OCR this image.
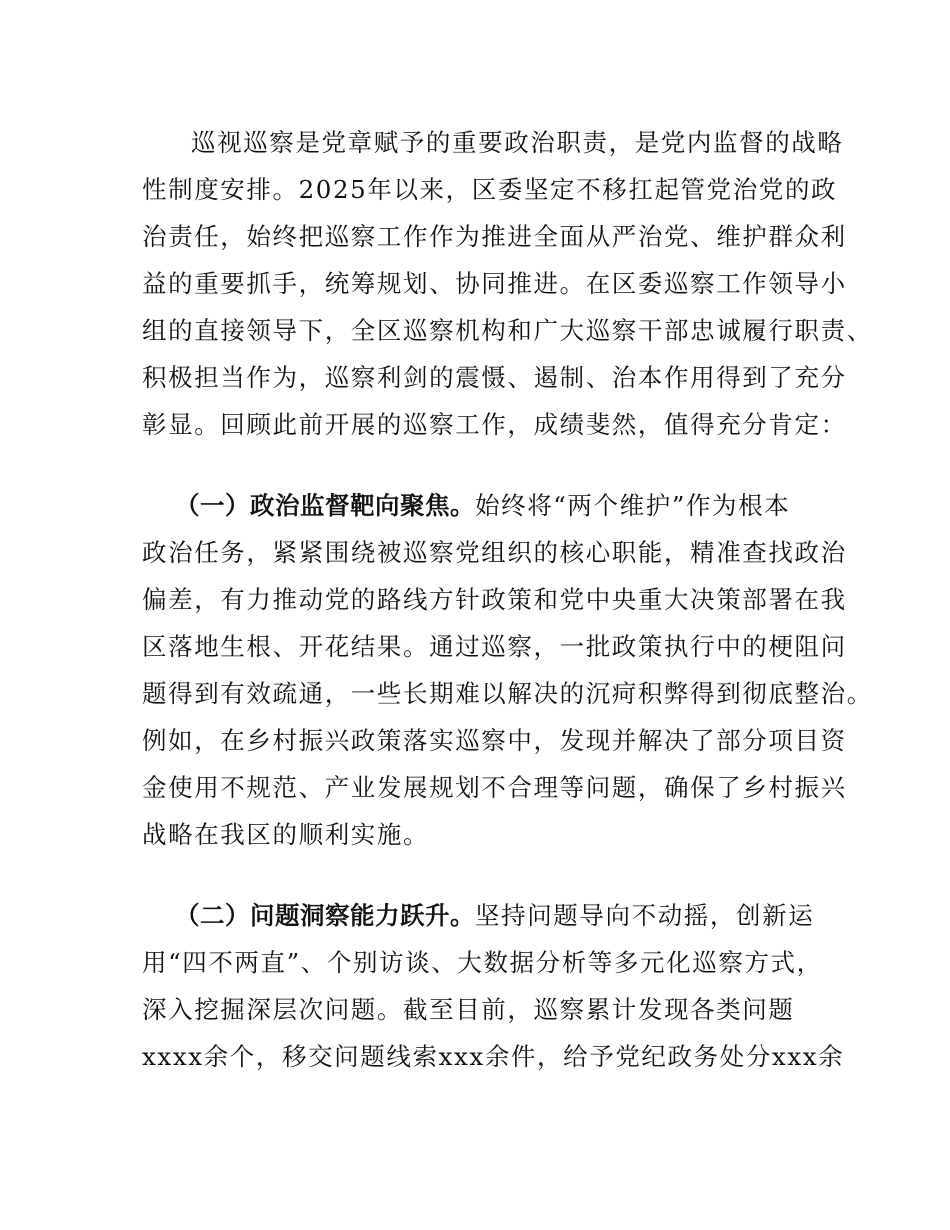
巡视巡察是党章赋予的重要政治职责，是党内监督的战略
性制度安排。2025年以来，区委坚定不移扛起管党治党的政
治责任，始终把巡察工作作为推进全面从严治党、维护群众利
益的重要抓手，统筹规划、协同推进。在区委巡察工作领导小
组的直接领导下，全区巡察机构和广大巡察干部忠诚履行职责、
积极担当作为，巡察利剑的震慑、遏制、治本作用得到了充分
彰显。回顾此前开展的巡察工作，成绩斐然，值得充分肯定：
（一）政治监督靶向聚焦。始终将“两个维护”作为根本
政治任务，紧紧围绕被巡察党组织的核心职能，精准查找政治
偏差，有力推动党的路线方针政策和党中央重大决策部署在我
区落地生根、开花结果。通过巡察，一批政策执行中的梗阻问
题得到有效疏通，一些长期难以解决的沉疴积弊得到彻底整治。
例如，在乡村振兴政策落实巡察中，发现并解决了部分项目资
金使用不规范、产业发展规划不合理等问题，确保了乡村振兴
战略在我区的顺利实施。
（二）问题洞察能力跃升。坚持问题导向不动摇，创新运
用“四不两直”、个别访谈、大数据分析等多元化巡察方式，
深入挖掘深层次问题。截至目前，巡察累计发现各类问题
xxxx余个，移交问题线索xxx余件，给予党纪政务处分xxx余
